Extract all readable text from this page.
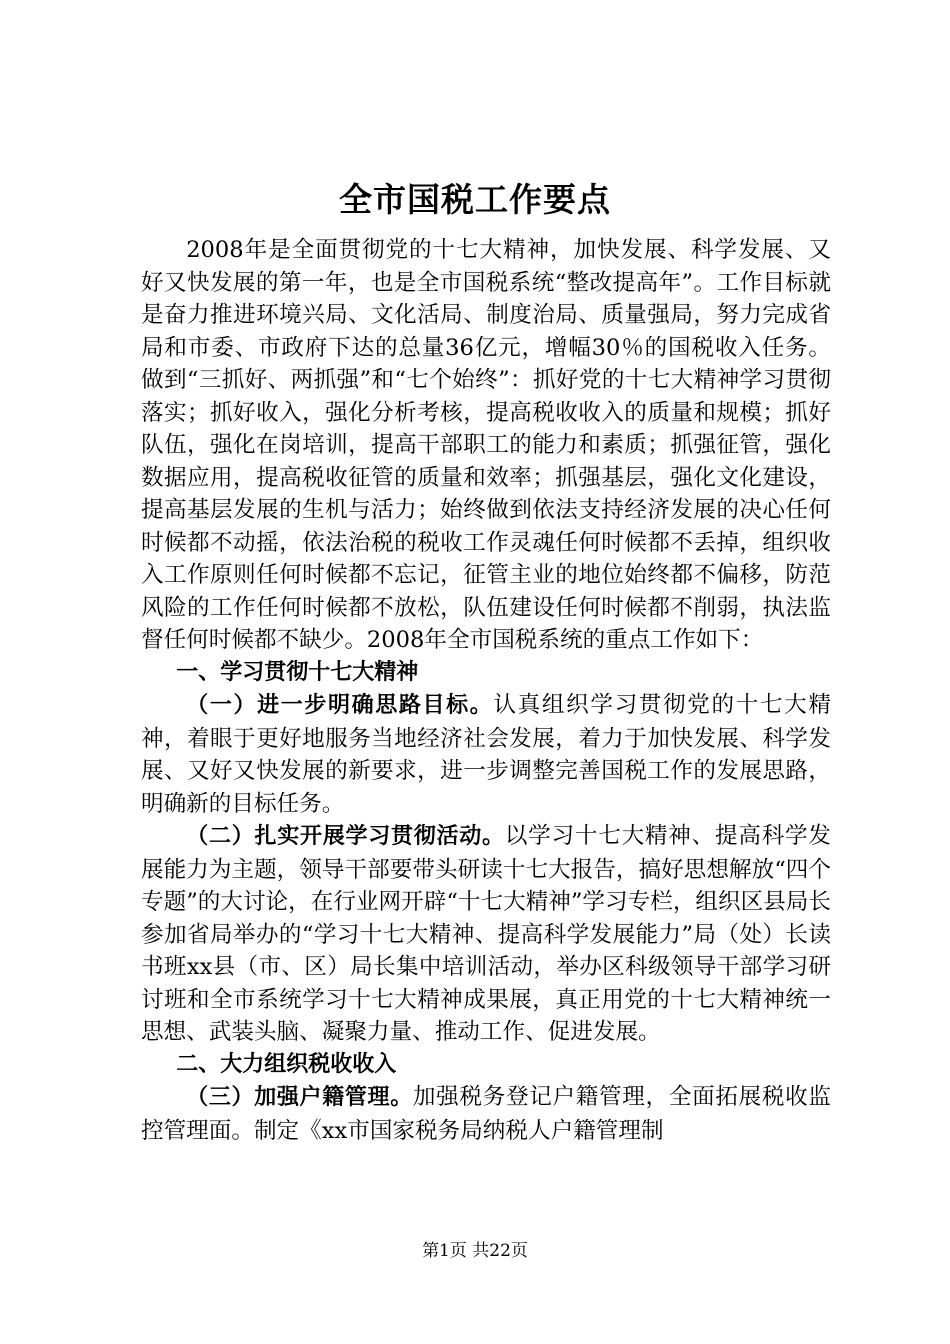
全市国税工作要点

2008年是全面贯彻党的十七大精神，加快发展、科学发展、又好又快发展的第一年，也是全市国税系统“整改提高年”。工作目标就是奋力推进环境兴局、文化活局、制度治局、质量强局，努力完成省局和市委、市政府下达的总量36亿元，增幅30％的国税收入任务。做到“三抓好、两抓强”和“七个始终”：抓好党的十七大精神学习贯彻落实；抓好收入，强化分析考核，提高税收收入的质量和规模；抓好队伍，强化在岗培训，提高干部职工的能力和素质；抓强征管，强化数据应用，提高税收征管的质量和效率；抓强基层，强化文化建设，提高基层发展的生机与活力；始终做到依法支持经济发展的决心任何时候都不动摇，依法治税的税收工作灵魂任何时候都不丢掉，组织收入工作原则任何时候都不忘记，征管主业的地位始终都不偏移，防范风险的工作任何时候都不放松，队伍建设任何时候都不削弱，执法监督任何时候都不缺少。2008年全市国税系统的重点工作如下：

一、学习贯彻十七大精神

（一）进一步明确思路目标。认真组织学习贯彻党的十七大精神，着眼于更好地服务当地经济社会发展，着力于加快发展、科学发展、又好又快发展的新要求，进一步调整完善国税工作的发展思路，明确新的目标任务。

（二）扎实开展学习贯彻活动。以学习十七大精神、提高科学发展能力为主题，领导干部要带头研读十七大报告，搞好思想解放“四个专题”的大讨论，在行业网开辟“十七大精神”学习专栏，组织区县局长参加省局举办的“学习十七大精神、提高科学发展能力”局（处）长读书班xx县（市、区）局长集中培训活动，举办区科级领导干部学习研讨班和全市系统学习十七大精神成果展，真正用党的十七大精神统一思想、武装头脑、凝聚力量、推动工作、促进发展。

二、大力组织税收收入

（三）加强户籍管理。加强税务登记户籍管理，全面拓展税收监控管理面。制定《xx市国家税务局纳税人户籍管理制

第1页 共22页
